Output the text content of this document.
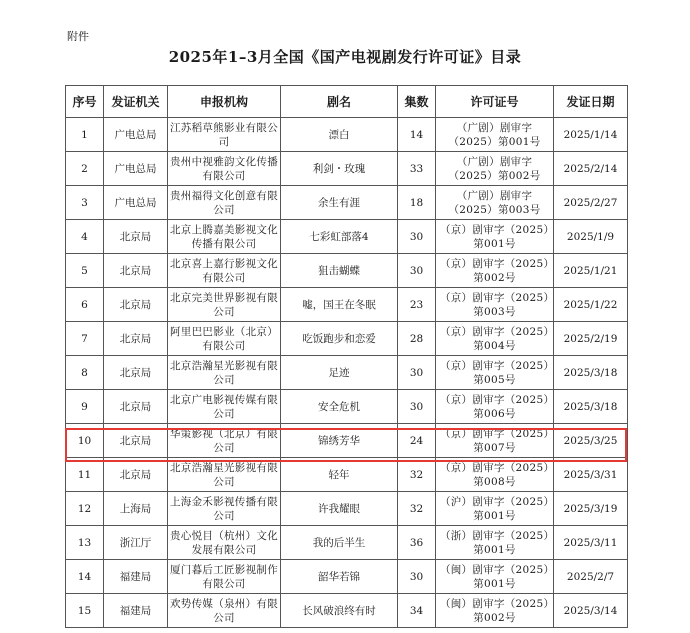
附件
2025年1–3月全国《国产电视剧发行许可证》目录
序号	发证机关	申报机构	剧名	集数	许可证号	发证日期
1	广电总局	江苏稻草熊影业有限公司	漂白	14	（广剧）剧审字（2025）第001号	2025/1/14
2	广电总局	贵州中视雅韵文化传播有限公司	利剑・玫瑰	33	（广剧）剧审字（2025）第002号	2025/2/14
3	广电总局	贵州福得文化创意有限公司	余生有涯	18	（广剧）剧审字（2025）第003号	2025/2/27
4	北京局	北京上腾嘉美影视文化传播有限公司	七彩虹部落4	30	（京）剧审字（2025）第001号	2025/1/9
5	北京局	北京喜上嘉行影视文化有限公司	狙击蝴蝶	30	（京）剧审字（2025）第002号	2025/1/21
6	北京局	北京完美世界影视有限公司	嘘，国王在冬眠	23	（京）剧审字（2025）第003号	2025/1/22
7	北京局	阿里巴巴影业（北京）有限公司	吃饭跑步和恋爱	28	（京）剧审字（2025）第004号	2025/2/19
8	北京局	北京浩瀚星光影视有限公司	足迹	30	（京）剧审字（2025）第005号	2025/3/18
9	北京局	北京广电影视传媒有限公司	安全危机	30	（京）剧审字（2025）第006号	2025/3/18
10	北京局	华策影视（北京）有限公司	锦绣芳华	24	（京）剧审字（2025）第007号	2025/3/25
11	北京局	北京浩瀚星光影视有限公司	轻年	32	（京）剧审字（2025）第008号	2025/3/31
12	上海局	上海金禾影视传播有限公司	许我耀眼	32	（沪）剧审字（2025）第001号	2025/3/19
13	浙江厅	贵心悦目（杭州）文化发展有限公司	我的后半生	36	（浙）剧审字（2025）第001号	2025/3/11
14	福建局	厦门暮后工匠影视制作有限公司	韶华若锦	30	（闽）剧审字（2025）第001号	2025/2/7
15	福建局	欢势传媒（泉州）有限公司	长风破浪终有时	34	（闽）剧审字（2025）第002号	2025/3/14
